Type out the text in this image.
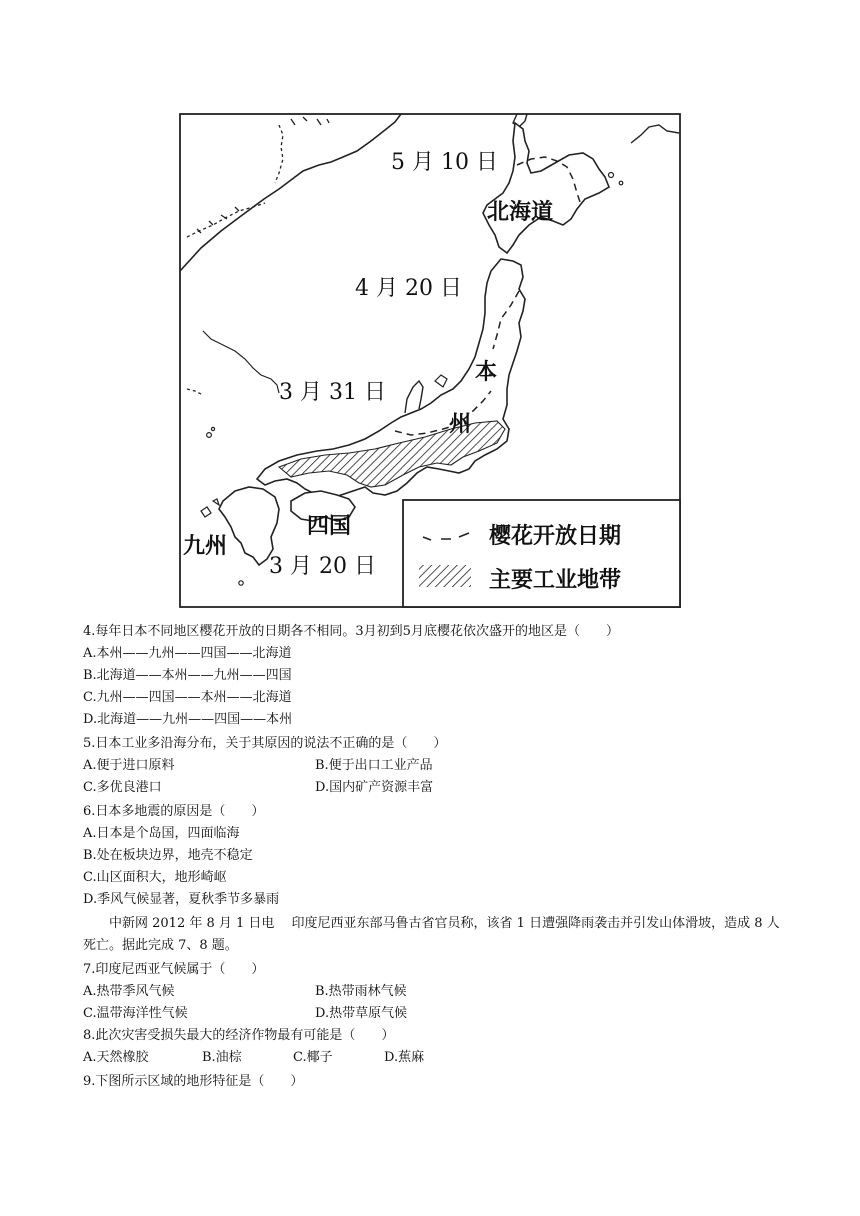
5 月 10 日
4 月 20 日
3 月 31 日
3 月 20 日
北海道
本
州
四国
九州	樱花开放日期
主要工业地带
4.每年日本不同地区樱花开放的日期各不相同。3月初到5月底樱花依次盛开的地区是（　　）
A.本州——九州——四国——北海道
B.北海道——本州——九州——四国
C.九州——四国——本州——北海道
D.北海道——九州——四国——本州
5.日本工业多沿海分布，关于其原因的说法不正确的是（　　）
A.便于进口原料	B.便于出口工业产品
C.多优良港口	D.国内矿产资源丰富
6.日本多地震的原因是（　　）
A.日本是个岛国，四面临海
B.处在板块边界，地壳不稳定
C.山区面积大，地形崎岖
D.季风气候显著，夏秋季节多暴雨
中新网 2012 年 8 月 1 日电　 印度尼西亚东部马鲁古省官员称，该省 1 日遭强降雨袭击并引发山体滑坡，造成 8 人死亡。据此完成 7、8 题。
7.印度尼西亚气候属于（　　）
A.热带季风气候	B.热带雨林气候
C.温带海洋性气候	D.热带草原气候
8.此次灾害受损失最大的经济作物最有可能是（　　）
A.天然橡胶	B.油棕	C.椰子	D.蕉麻
9.下图所示区域的地形特征是（　　）
